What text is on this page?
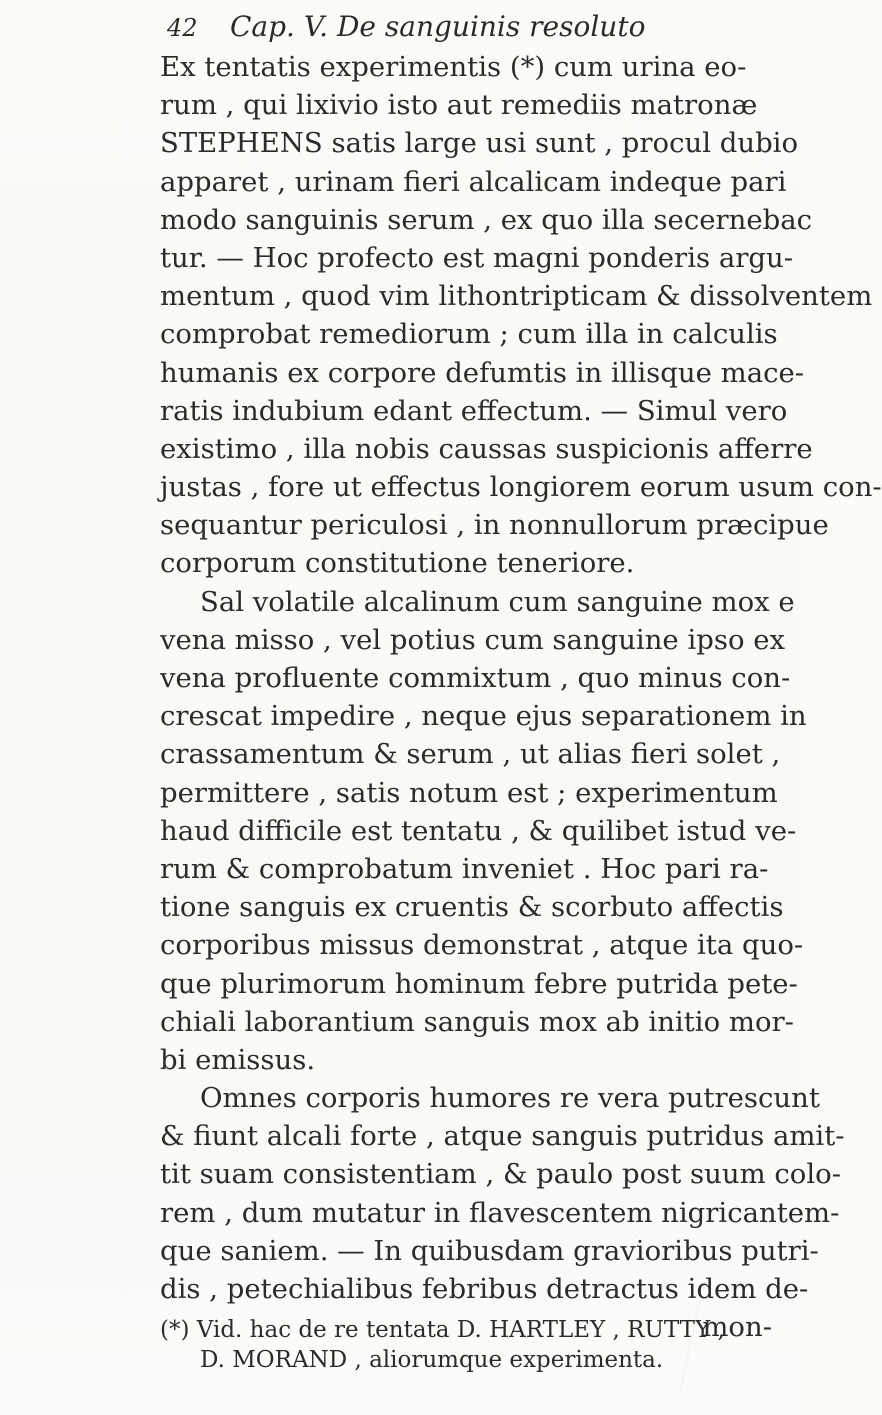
42 Cap. V. De sanguinis resoluto
Ex tentatis experimentis (*) cum urina eo-
rum , qui lixivio isto aut remediis matronæ
STEPHENS satis large usi sunt , procul dubio
apparet , urinam fieri alcalicam indeque pari
modo sanguinis serum , ex quo illa secernebac
tur. — Hoc profecto est magni ponderis argu-
mentum , quod vim lithontripticam & dissolventem
comprobat remediorum ; cum illa in calculis
humanis ex corpore defumtis in illisque mace-
ratis indubium edant effectum. — Simul vero
existimo , illa nobis caussas suspicionis afferre
justas , fore ut effectus longiorem eorum usum con-
sequantur periculosi , in nonnullorum præcipue
corporum constitutione teneriore.
Sal volatile alcalinum cum sanguine mox e
vena misso , vel potius cum sanguine ipso ex
vena profluente commixtum , quo minus con-
crescat impedire , neque ejus separationem in
crassamentum & serum , ut alias fieri solet ,
permittere , satis notum est ; experimentum
haud difficile est tentatu , & quilibet istud ve-
rum & comprobatum inveniet . Hoc pari ra-
tione sanguis ex cruentis & scorbuto affectis
corporibus missus demonstrat , atque ita quo-
que plurimorum hominum febre putrida pete-
chiali laborantium sanguis mox ab initio mor-
bi emissus.
Omnes corporis humores re vera putrescunt
& fiunt alcali forte , atque sanguis putridus amit-
tit suam consistentiam , & paulo post suum colo-
rem , dum mutatur in flavescentem nigricantem-
que saniem. — In quibusdam gravioribus putri-
dis , petechialibus febribus detractus idem de-
mon-
(*) Vid. hac de re tentata D. HARTLEY , RUTTY ,
D. MORAND , aliorumque experimenta.
